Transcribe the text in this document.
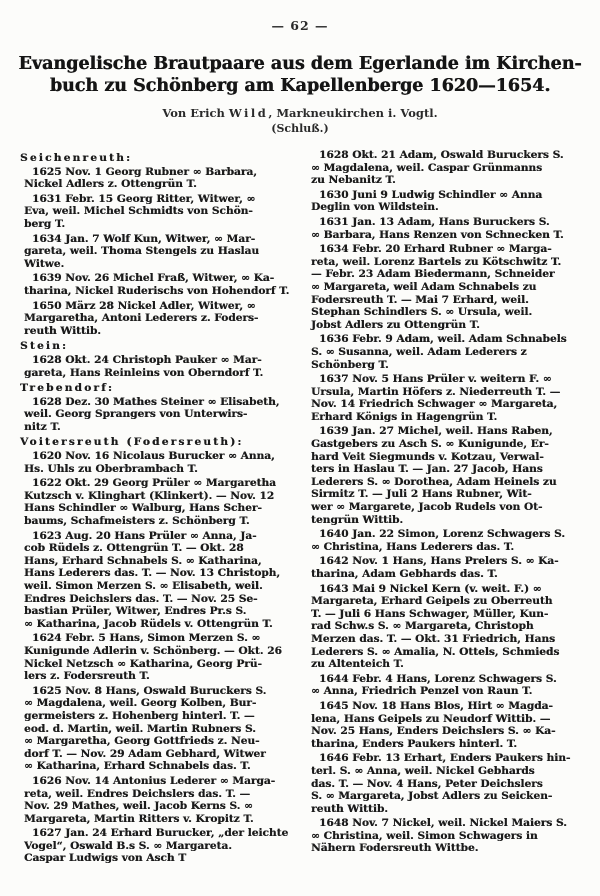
— 62 —
Evangelische Brautpaare aus dem Egerlande im Kirchen-
buch zu Schönberg am Kapellenberge 1620—1654.
Von Erich Wild, Markneukirchen i. Vogtl.
(Schluß.)
Seichenreuth:
1625 Nov. 1 Georg Rubner ∞ Barbara,
Nickel Adlers z. Ottengrün T.
1631 Febr. 15 Georg Ritter, Witwer, ∞
Eva, weil. Michel Schmidts von Schön-
berg T.
1634 Jan. 7 Wolf Kun, Witwer, ∞ Mar-
gareta, weil. Thoma Stengels zu Haslau
Witwe.
1639 Nov. 26 Michel Fraß, Witwer, ∞ Ka-
tharina, Nickel Ruderischs von Hohendorf T.
1650 März 28 Nickel Adler, Witwer, ∞
Margaretha, Antoni Lederers z. Foders-
reuth Wittib.
Stein:
1628 Okt. 24 Christoph Pauker ∞ Mar-
gareta, Hans Reinleins von Oberndorf T.
Trebendorf:
1628 Dez. 30 Mathes Steiner ∞ Elisabeth,
weil. Georg Sprangers von Unterwirs-
nitz T.
Voitersreuth (Fodersreuth):
1620 Nov. 16 Nicolaus Burucker ∞ Anna,
Hs. Uhls zu Oberbrambach T.
1622 Okt. 29 Georg Prüler ∞ Margaretha
Kutzsch v. Klinghart (Klinkert). — Nov. 12
Hans Schindler ∞ Walburg, Hans Scher-
baums, Schafmeisters z. Schönberg T.
1623 Aug. 20 Hans Prüler ∞ Anna, Ja-
cob Rüdels z. Ottengrün T. — Okt. 28
Hans, Erhard Schnabels S. ∞ Katharina,
Hans Lederers das. T. — Nov. 13 Christoph,
weil. Simon Merzen S. ∞ Elisabeth, weil.
Endres Deichslers das. T. — Nov. 25 Se-
bastian Prüler, Witwer, Endres Pr.s S.
∞ Katharina, Jacob Rüdels v. Ottengrün T.
1624 Febr. 5 Hans, Simon Merzen S. ∞
Kunigunde Adlerin v. Schönberg. — Okt. 26
Nickel Netzsch ∞ Katharina, Georg Prü-
lers z. Fodersreuth T.
1625 Nov. 8 Hans, Oswald Buruckers S.
∞ Magdalena, weil. Georg Kolben, Bur-
germeisters z. Hohenberg hinterl. T. —
eod. d. Martin, weil. Martin Rubners S.
∞ Margaretha, Georg Gottfrieds z. Neu-
dorf T. — Nov. 29 Adam Gebhard, Witwer
∞ Katharina, Erhard Schnabels das. T.
1626 Nov. 14 Antonius Lederer ∞ Marga-
reta, weil. Endres Deichslers das. T. —
Nov. 29 Mathes, weil. Jacob Kerns S. ∞
Margareta, Martin Ritters v. Kropitz T.
1627 Jan. 24 Erhard Burucker, „der leichte
Vogel“, Oswald B.s S. ∞ Margareta.
Caspar Ludwigs von Asch T
1628 Okt. 21 Adam, Oswald Buruckers S.
∞ Magdalena, weil. Caspar Grünmanns
zu Nebanitz T.
1630 Juni 9 Ludwig Schindler ∞ Anna
Deglin von Wildstein.
1631 Jan. 13 Adam, Hans Buruckers S.
∞ Barbara, Hans Renzen von Schnecken T.
1634 Febr. 20 Erhard Rubner ∞ Marga-
reta, weil. Lorenz Bartels zu Kötschwitz T.
— Febr. 23 Adam Biedermann, Schneider
∞ Margareta, weil Adam Schnabels zu
Fodersreuth T. — Mai 7 Erhard, weil.
Stephan Schindlers S. ∞ Ursula, weil.
Jobst Adlers zu Ottengrün T.
1636 Febr. 9 Adam, weil. Adam Schnabels
S. ∞ Susanna, weil. Adam Lederers z
Schönberg T.
1637 Nov. 5 Hans Prüler v. weitern F. ∞
Ursula, Martin Höfers z. Niederreuth T. —
Nov. 14 Friedrich Schwager ∞ Margareta,
Erhard Königs in Hagengrün T.
1639 Jan. 27 Michel, weil. Hans Raben,
Gastgebers zu Asch S. ∞ Kunigunde, Er-
hard Veit Siegmunds v. Kotzau, Verwal-
ters in Haslau T. — Jan. 27 Jacob, Hans
Lederers S. ∞ Dorothea, Adam Heinels zu
Sirmitz T. — Juli 2 Hans Rubner, Wit-
wer ∞ Margarete, Jacob Rudels von Ot-
tengrün Wittib.
1640 Jan. 22 Simon, Lorenz Schwagers S.
∞ Christina, Hans Lederers das. T.
1642 Nov. 1 Hans, Hans Prelers S. ∞ Ka-
tharina, Adam Gebhards das. T.
1643 Mai 9 Nickel Kern (v. weit. F.) ∞
Margareta, Erhard Geipels zu Oberreuth
T. — Juli 6 Hans Schwager, Müller, Kun-
rad Schw.s S. ∞ Margareta, Christoph
Merzen das. T. — Okt. 31 Friedrich, Hans
Lederers S. ∞ Amalia, N. Ottels, Schmieds
zu Altenteich T.
1644 Febr. 4 Hans, Lorenz Schwagers S.
∞ Anna, Friedrich Penzel von Raun T.
1645 Nov. 18 Hans Blos, Hirt ∞ Magda-
lena, Hans Geipels zu Neudorf Wittib. —
Nov. 25 Hans, Enders Deichslers S. ∞ Ka-
tharina, Enders Paukers hinterl. T.
1646 Febr. 13 Erhart, Enders Paukers hin-
terl. S. ∞ Anna, weil. Nickel Gebhards
das. T. — Nov. 4 Hans, Peter Deichslers
S. ∞ Margareta, Jobst Adlers zu Seicken-
reuth Wittib.
1648 Nov. 7 Nickel, weil. Nickel Maiers S.
∞ Christina, weil. Simon Schwagers in
Nähern Fodersreuth Wittbe.
